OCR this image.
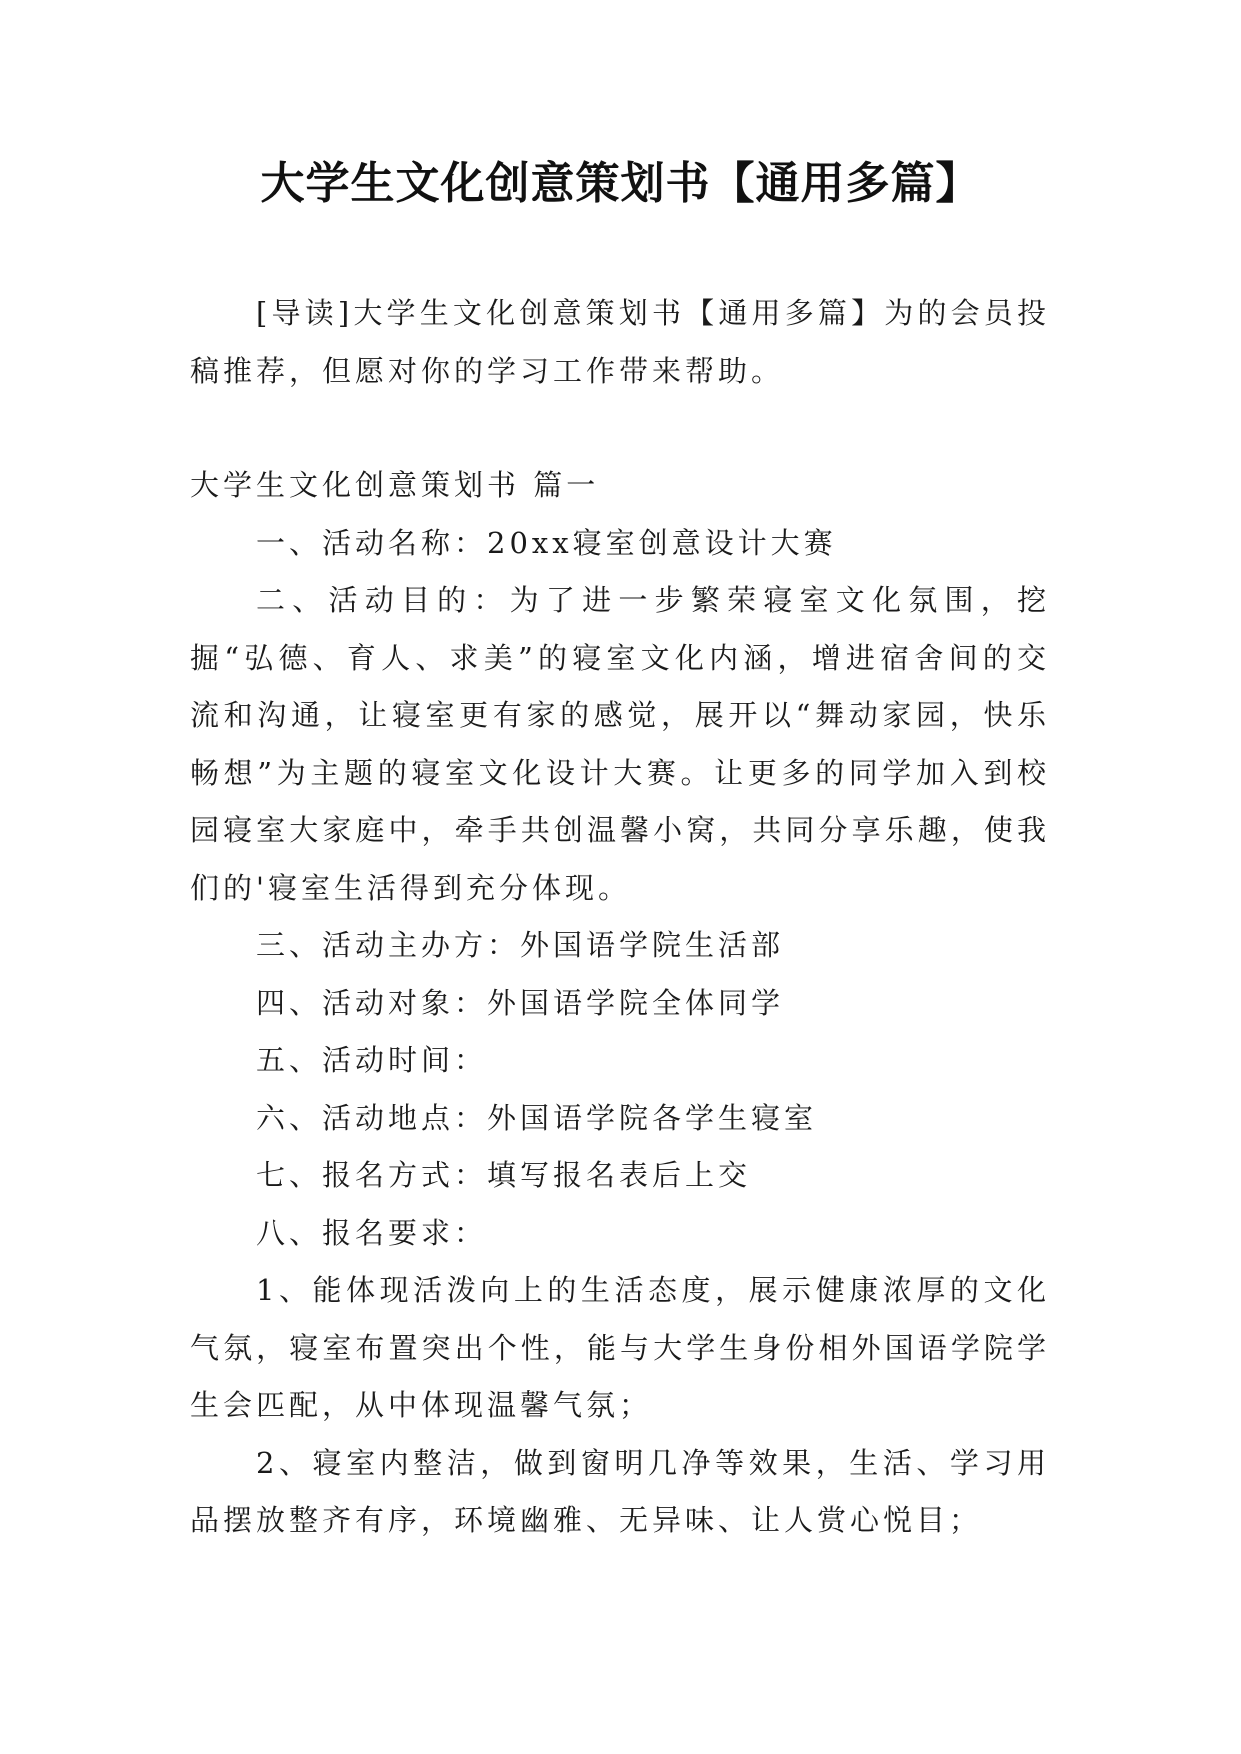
大学生文化创意策划书【通用多篇】

[导读]大学生文化创意策划书【通用多篇】为的会员投稿推荐，但愿对你的学习工作带来帮助。

大学生文化创意策划书 篇一

一、活动名称：20xx寝室创意设计大赛

二、活动目的：为了进一步繁荣寝室文化氛围，挖掘“弘德、育人、求美”的寝室文化内涵，增进宿舍间的交流和沟通，让寝室更有家的感觉，展开以“舞动家园，快乐畅想”为主题的寝室文化设计大赛。让更多的同学加入到校园寝室大家庭中，牵手共创温馨小窝，共同分享乐趣，使我们的'寝室生活得到充分体现。

三、活动主办方：外国语学院生活部

四、活动对象：外国语学院全体同学

五、活动时间：

六、活动地点：外国语学院各学生寝室

七、报名方式：填写报名表后上交

八、报名要求：

1、能体现活泼向上的生活态度，展示健康浓厚的文化气氛，寝室布置突出个性，能与大学生身份相外国语学院学生会匹配，从中体现温馨气氛；

2、寝室内整洁，做到窗明几净等效果，生活、学习用品摆放整齐有序，环境幽雅、无异味、让人赏心悦目；
